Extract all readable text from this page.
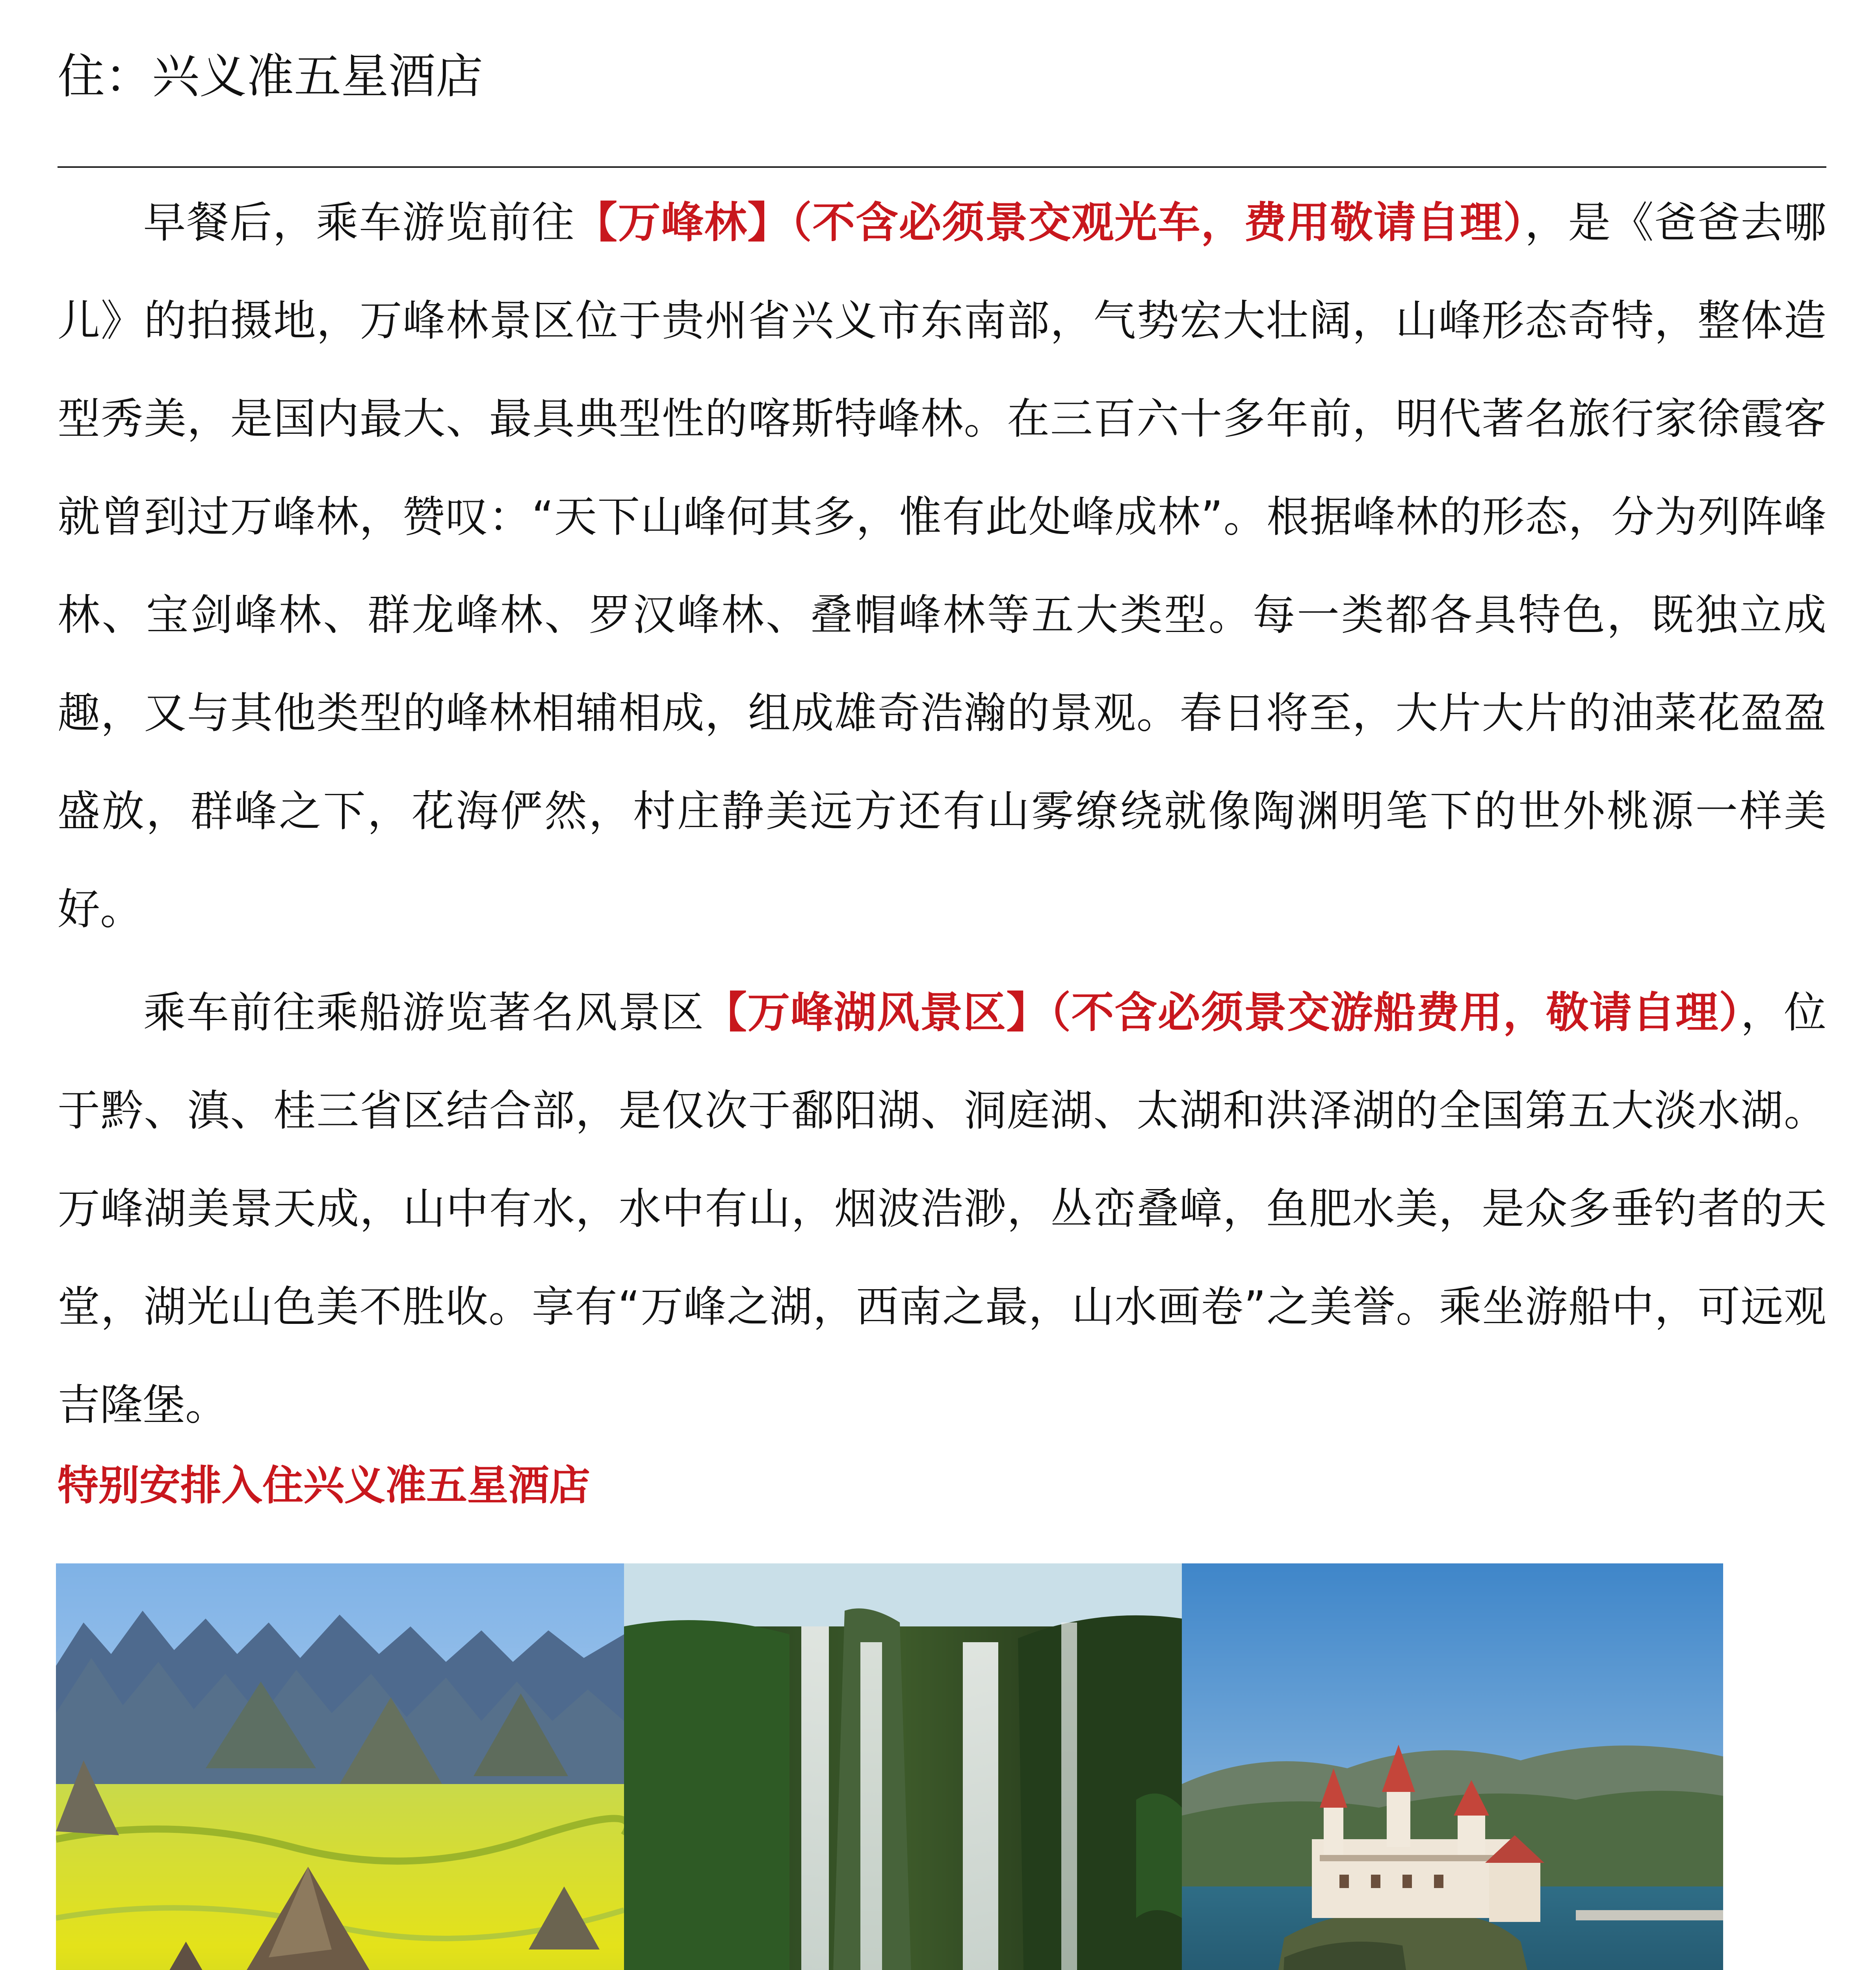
住：兴义准五星酒店

早餐后，乘车游览前往【万峰林】（不含必须景交观光车，费用敬请自理），是《爸爸去哪儿》的拍摄地，万峰林景区位于贵州省兴义市东南部，气势宏大壮阔，山峰形态奇特，整体造型秀美，是国内最大、最具典型性的喀斯特峰林。在三百六十多年前，明代著名旅行家徐霞客就曾到过万峰林，赞叹：“天下山峰何其多，惟有此处峰成林”。根据峰林的形态，分为列阵峰林、宝剑峰林、群龙峰林、罗汉峰林、叠帽峰林等五大类型。每一类都各具特色，既独立成趣，又与其他类型的峰林相辅相成，组成雄奇浩瀚的景观。春日将至，大片大片的油菜花盈盈盛放，群峰之下，花海俨然，村庄静美远方还有山雾缭绕就像陶渊明笔下的世外桃源一样美好。

乘车前往乘船游览著名风景区【万峰湖风景区】（不含必须景交游船费用，敬请自理），位于黔、滇、桂三省区结合部，是仅次于鄱阳湖、洞庭湖、太湖和洪泽湖的全国第五大淡水湖。万峰湖美景天成，山中有水，水中有山，烟波浩渺，丛峦叠嶂，鱼肥水美，是众多垂钓者的天堂，湖光山色美不胜收。享有“万峰之湖，西南之最，山水画卷”之美誉。乘坐游船中，可远观吉隆堡。

特别安排入住兴义准五星酒店
